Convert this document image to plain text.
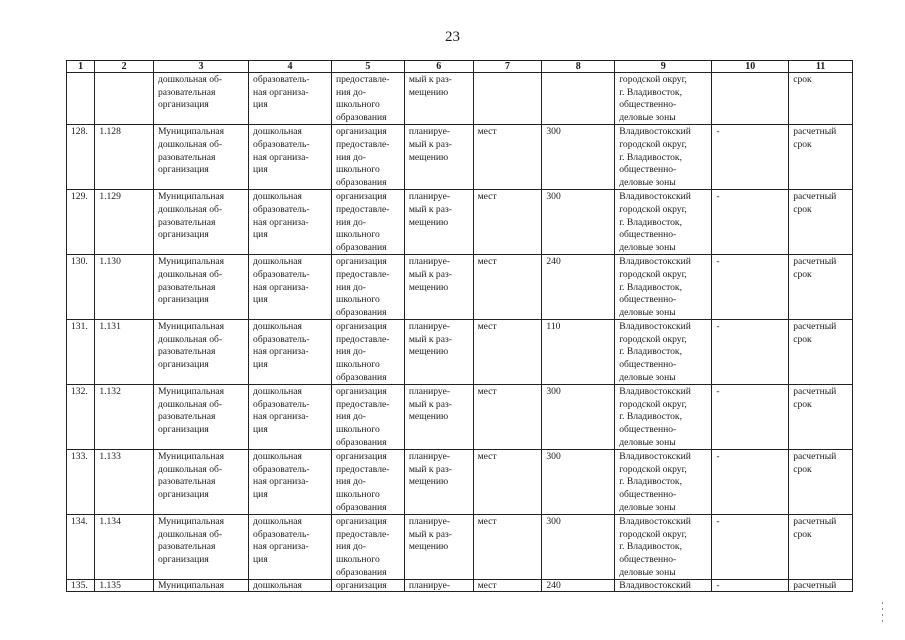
23
1	2	3	4	5	6	7	8	9	10	11

		дошкольная об-
разовательная
организация	образователь-
ная организа-
ция	предоставле-
ния до-
школьного
образования	мый к раз-
мещению			городской округ,
г. Владивосток,
общественно-
деловые зоны		срок

128.	1.128	Муниципальная
дошкольная об-
разовательная
организация	дошкольная
образователь-
ная организа-
ция	организация
предоставле-
ния до-
школьного
образования	планируе-
мый к раз-
мещению	мест	300	Владивостокский
городской округ,
г. Владивосток,
общественно-
деловые зоны	-	расчетный
срок

129.	1.129	Муниципальная
дошкольная об-
разовательная
организация	дошкольная
образователь-
ная организа-
ция	организация
предоставле-
ния до-
школьного
образования	планируе-
мый к раз-
мещению	мест	300	Владивостокский
городской округ,
г. Владивосток,
общественно-
деловые зоны	-	расчетный
срок

130.	1.130	Муниципальная
дошкольная об-
разовательная
организация	дошкольная
образователь-
ная организа-
ция	организация
предоставле-
ния до-
школьного
образования	планируе-
мый к раз-
мещению	мест	240	Владивостокский
городской округ,
г. Владивосток,
общественно-
деловые зоны	-	расчетный
срок

131.	1.131	Муниципальная
дошкольная об-
разовательная
организация	дошкольная
образователь-
ная организа-
ция	организация
предоставле-
ния до-
школьного
образования	планируе-
мый к раз-
мещению	мест	110	Владивостокский
городской округ,
г. Владивосток,
общественно-
деловые зоны	-	расчетный
срок

132.	1.132	Муниципальная
дошкольная об-
разовательная
организация	дошкольная
образователь-
ная организа-
ция	организация
предоставле-
ния до-
школьного
образования	планируе-
мый к раз-
мещению	мест	300	Владивостокский
городской округ,
г. Владивосток,
общественно-
деловые зоны	-	расчетный
срок

133.	1.133	Муниципальная
дошкольная об-
разовательная
организация	дошкольная
образователь-
ная организа-
ция	организация
предоставле-
ния до-
школьного
образования	планируе-
мый к раз-
мещению	мест	300	Владивостокский
городской округ,
г. Владивосток,
общественно-
деловые зоны	-	расчетный
срок

134.	1.134	Муниципальная
дошкольная об-
разовательная
организация	дошкольная
образователь-
ная организа-
ция	организация
предоставле-
ния до-
школьного
образования	планируе-
мый к раз-
мещению	мест	300	Владивостокский
городской округ,
г. Владивосток,
общественно-
деловые зоны	-	расчетный
срок

135.	1.135	Муниципальная	дошкольная	организация	планируе-	мест	240	Владивостокский	-	расчетный
